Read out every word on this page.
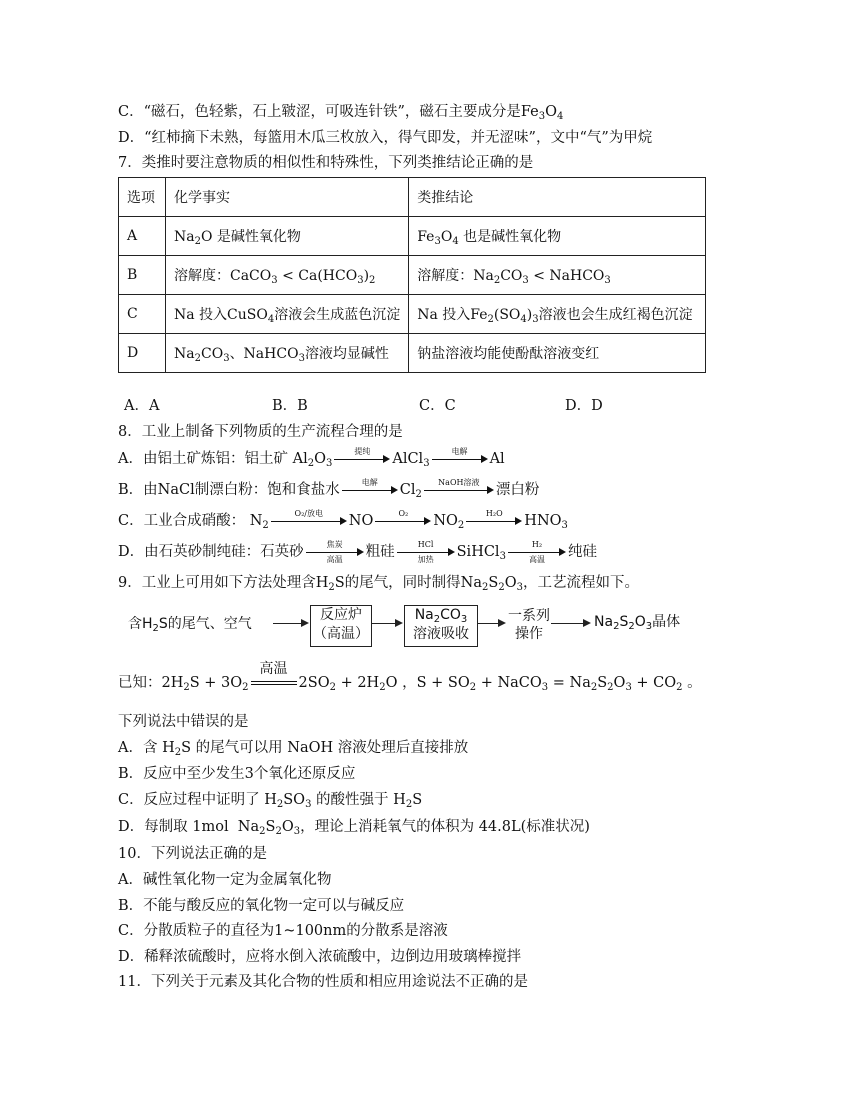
C．“磁石，色轻紫，石上皲涩，可吸连针铁”，磁石主要成分是$Fe_3O_4$
D．“红柿摘下未熟，每篮用木瓜三枚放入，得气即发，并无涩味”，文中“气”为甲烷
7．类推时要注意物质的相似性和特殊性，下列类推结论正确的是
选项	化学事实	类推结论
A	$Na_2O$ 是碱性氧化物	$Fe_3O_4$ 也是碱性氧化物
B	溶解度：CaCO$_3$ < $Ca(HCO_3)_2$	溶解度：$Na_2CO_3$ < NaHCO$_3$
C	Na 投入CuSO$_4$溶液会生成蓝色沉淀	Na 投入$Fe_2(SO_4)_3$溶液也会生成红褐色沉淀
D	$Na_2CO_3$、NaHCO$_3$溶液均显碱性	钠盐溶液均能使酚酞溶液变红
A．A	B．B	C．C	D．D
8．工业上制备下列物质的生产流程合理的是
A．由铝土矿炼铝：铝土矿 $Al_2O_3$
提纯	AlCl$_3$
电解	Al
B．由NaCl制漂白粉：饱和食盐水	电解	$Cl_2$
NaOH溶液	漂白粉
C．工业合成硝酸： $N_2$
O₂/放电	NO	O₂	$NO_2$
H₂O	$HNO_3$
D．由石英砂制纯硅：石英砂	焦炭
高温	粗硅	HCl
加热	SiHCl$_3$
H₂
高温	纯硅
9．工业上可用如下方法处理含$H_2S$的尾气，同时制得$Na_2S_2O_3$，工艺流程如下。
含$H_2S$的尾气、空气
反应炉
（高温）
$Na_2CO_3$
溶液吸收
一系列
操作
$Na_2S_2O_3$晶体
已知：$2H_2S + 3O_2$
高温
$2SO_2 + 2H_2O$ ，$S + SO_2$ + NaCO$_3$ = $Na_2S_2O_3 + CO_2$ 。
下列说法中错误的是
A．含 $H_2S$ 的尾气可以用 NaOH 溶液处理后直接排放
B．反应中至少发生3个氧化还原反应
C．反应过程中证明了 $H_2SO_3$ 的酸性强于 $H_2S$
D．每制取 1mol  $Na_2S_2O_3$，理论上消耗氧气的体积为 44.8L(标准状况)
10．下列说法正确的是
A．碱性氧化物一定为金属氧化物
B．不能与酸反应的氧化物一定可以与碱反应
C．分散质粒子的直径为1~100nm的分散系是溶液
D．稀释浓硫酸时，应将水倒入浓硫酸中，边倒边用玻璃棒搅拌
11．下列关于元素及其化合物的性质和相应用途说法不正确的是
